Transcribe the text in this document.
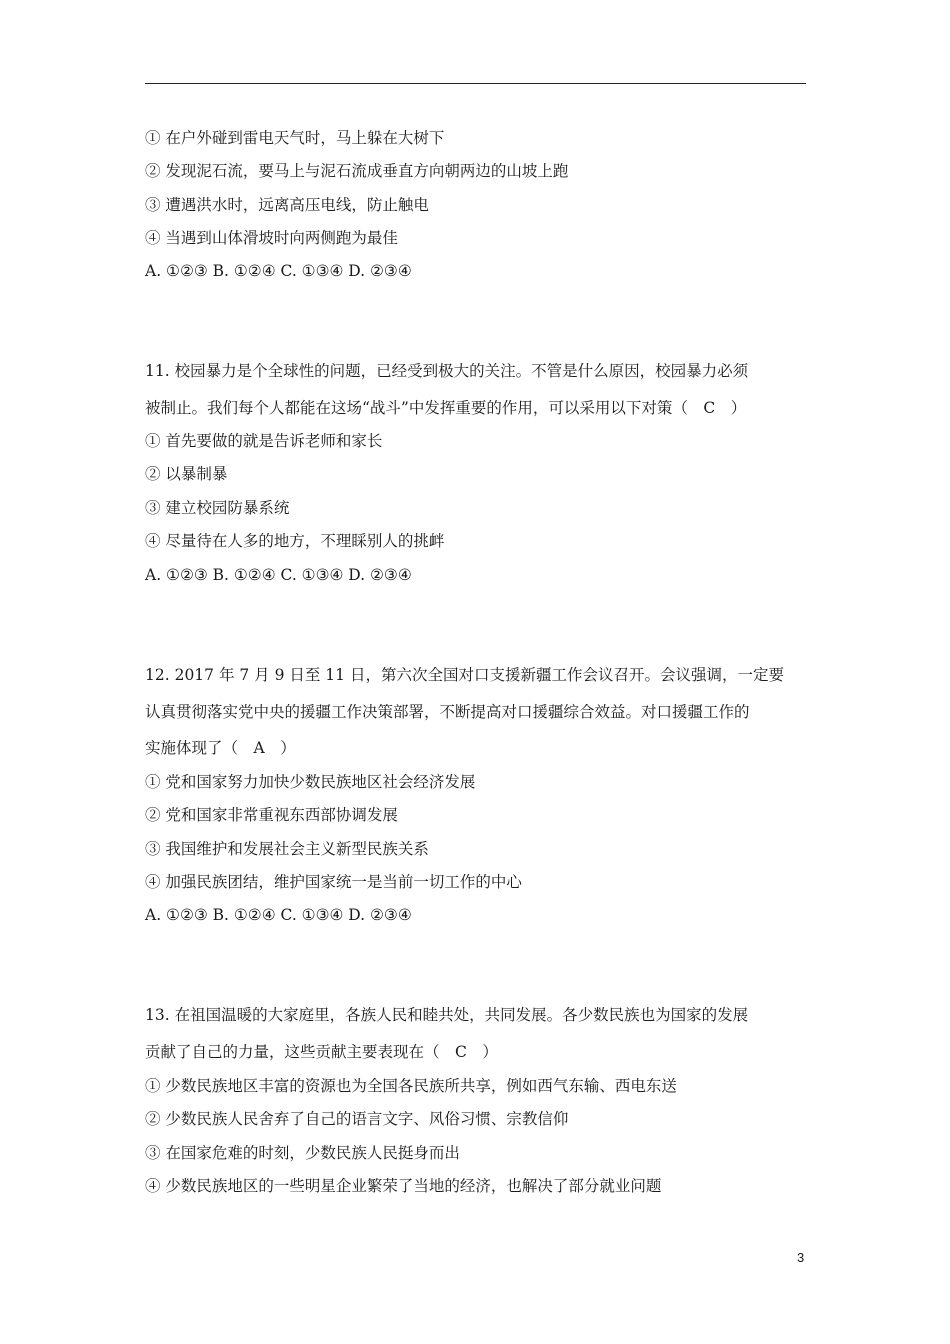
① 在户外碰到雷电天气时，马上躲在大树下
② 发现泥石流，要马上与泥石流成垂直方向朝两边的山坡上跑
③ 遭遇洪水时，远离高压电线，防止触电
④ 当遇到山体滑坡时向两侧跑为最佳
A. ①②③ B. ①②④ C. ①③④ D. ②③④
11. 校园暴力是个全球性的问题，已经受到极大的关注。不管是什么原因，校园暴力必须
被制止。我们每个人都能在这场“战斗”中发挥重要的作用，可以采用以下对策（　C　）
① 首先要做的就是告诉老师和家长
② 以暴制暴
③ 建立校园防暴系统
④ 尽量待在人多的地方，不理睬别人的挑衅
A. ①②③ B. ①②④ C. ①③④ D. ②③④
12. 2017 年 7 月 9 日至 11 日，第六次全国对口支援新疆工作会议召开。会议强调，一定要
认真贯彻落实党中央的援疆工作决策部署，不断提高对口援疆综合效益。对口援疆工作的
实施体现了（　A　）
① 党和国家努力加快少数民族地区社会经济发展
② 党和国家非常重视东西部协调发展
③ 我国维护和发展社会主义新型民族关系
④ 加强民族团结，维护国家统一是当前一切工作的中心
A. ①②③ B. ①②④ C. ①③④ D. ②③④
13. 在祖国温暖的大家庭里，各族人民和睦共处，共同发展。各少数民族也为国家的发展
贡献了自己的力量，这些贡献主要表现在（　C　）
① 少数民族地区丰富的资源也为全国各民族所共享，例如西气东输、西电东送
② 少数民族人民舍弃了自己的语言文字、风俗习惯、宗教信仰
③ 在国家危难的时刻，少数民族人民挺身而出
④ 少数民族地区的一些明星企业繁荣了当地的经济，也解决了部分就业问题
3
